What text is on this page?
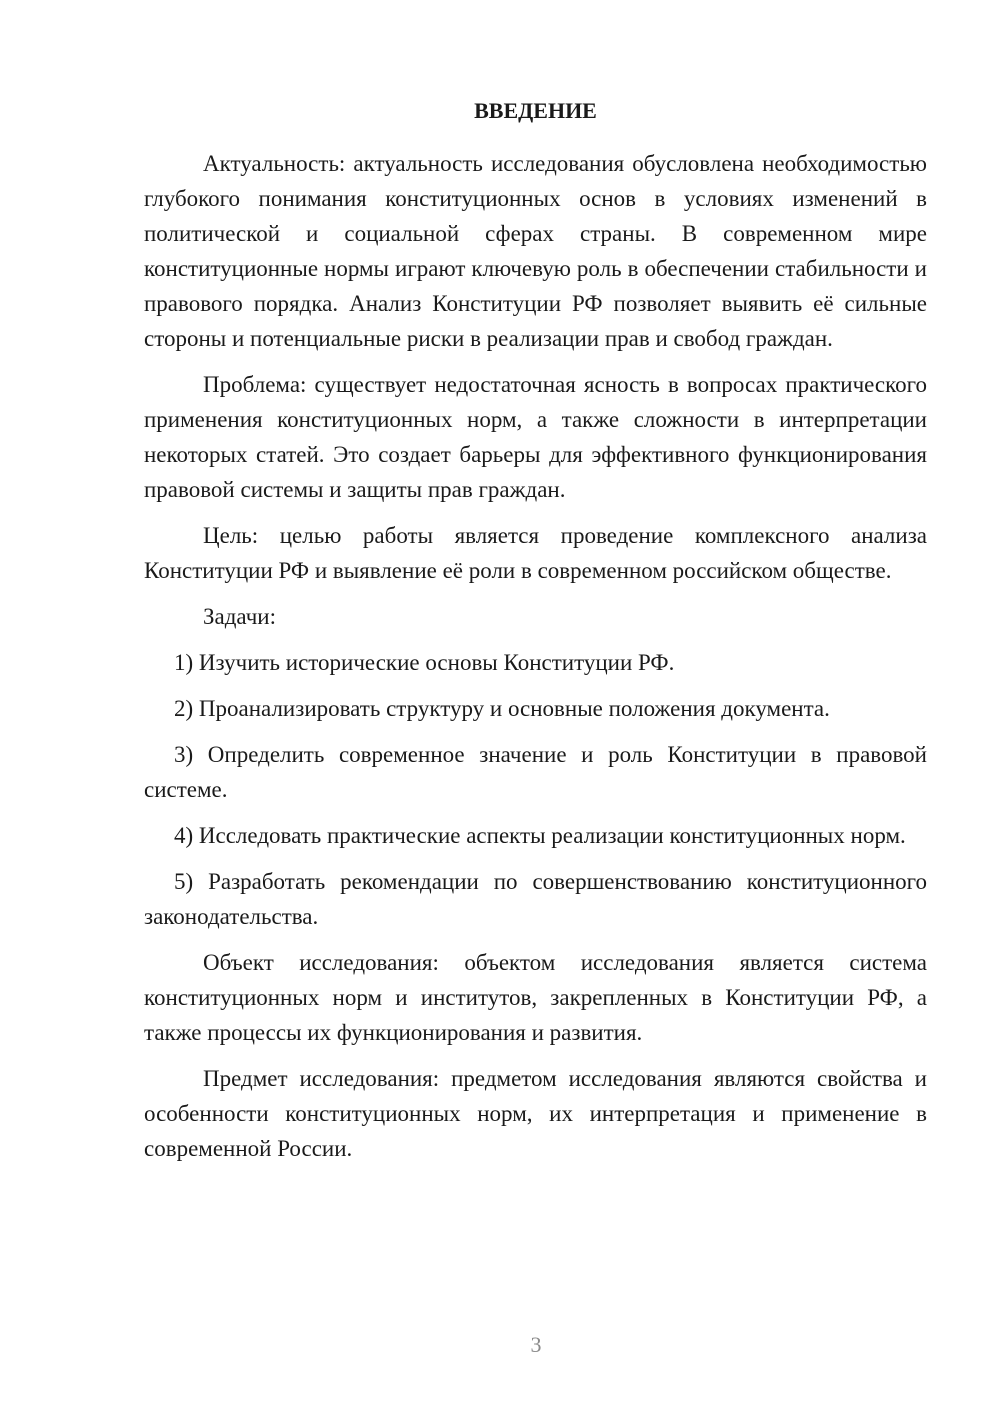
ВВЕДЕНИЕ

Актуальность: актуальность исследования обусловлена необходимостью глубокого понимания конституционных основ в условиях изменений в политической и социальной сферах страны. В современном мире конституционные нормы играют ключевую роль в обеспечении стабильности и правового порядка. Анализ Конституции РФ позволяет выявить её сильные стороны и потенциальные риски в реализации прав и свобод граждан.

Проблема: существует недостаточная ясность в вопросах практического применения конституционных норм, а также сложности в интерпретации некоторых статей. Это создает барьеры для эффективного функционирования правовой системы и защиты прав граждан.

Цель: целью работы является проведение комплексного анализа Конституции РФ и выявление её роли в современном российском обществе.

Задачи:

1) Изучить исторические основы Конституции РФ.

2) Проанализировать структуру и основные положения документа.

3) Определить современное значение и роль Конституции в правовой системе.

4) Исследовать практические аспекты реализации конституционных норм.

5) Разработать рекомендации по совершенствованию конституционного законодательства.

Объект исследования: объектом исследования является система конституционных норм и институтов, закрепленных в Конституции РФ, а также процессы их функционирования и развития.

Предмет исследования: предметом исследования являются свойства и особенности конституционных норм, их интерпретация и применение в современной России.

3
